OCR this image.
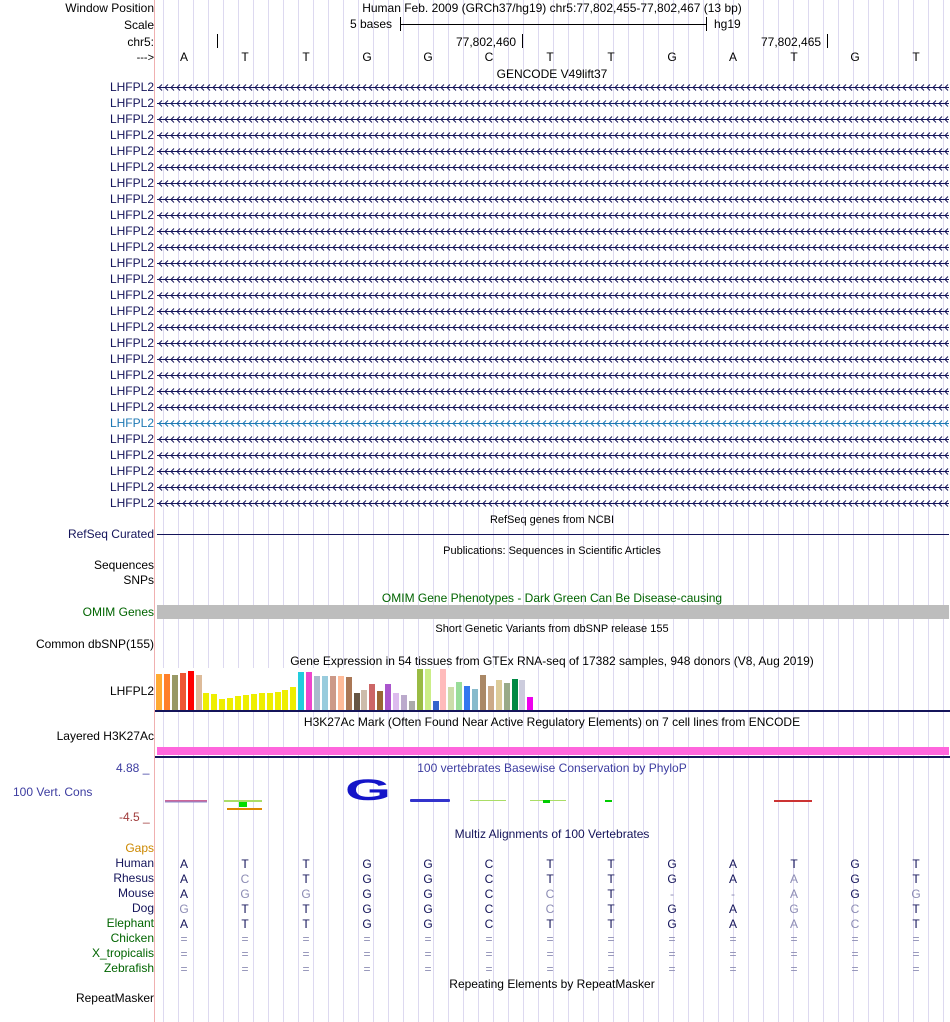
Window Position
Scale
chr5:
--->
Human Feb. 2009 (GRCh37/hg19) chr5:77,802,455-77,802,467 (13 bp)
5 bases	hg19
77,802,460	77,802,465
A	T	T	G	G	C	T	T	G	A	T	G	T
GENCODE V49lift37
LHFPL2
LHFPL2
LHFPL2
LHFPL2
LHFPL2
LHFPL2
LHFPL2
LHFPL2
LHFPL2
LHFPL2
LHFPL2
LHFPL2
LHFPL2
LHFPL2
LHFPL2
LHFPL2
LHFPL2
LHFPL2
LHFPL2
LHFPL2
LHFPL2
LHFPL2
LHFPL2
LHFPL2
LHFPL2
LHFPL2
LHFPL2
RefSeq genes from NCBI
RefSeq Curated
Publications: Sequences in Scientific Articles
Sequences
SNPs
OMIM Gene Phenotypes - Dark Green Can Be Disease-causing
OMIM Genes
Short Genetic Variants from dbSNP release 155
Common dbSNP(155)
Gene Expression in 54 tissues from GTEx RNA-seq of 17382 samples, 948 donors (V8, Aug 2019)
LHFPL2
H3K27Ac Mark (Often Found Near Active Regulatory Elements) on 7 cell lines from ENCODE
Layered H3K27Ac
100 vertebrates Basewise Conservation by PhyloP
4.88 _
100 Vert. Cons
-4.5 _
G
Multiz Alignments of 100 Vertebrates
Gaps
Human A	T	T	G	G	C	T	T	G	A	T	G	T
Rhesus A	C	T	G	G	C	T	T	G	A	A	G	T
Mouse A	G	G	G	G	C	C	T	-	-	A	G	G
Dog G	T	T	G	G	C	C	T	G	A	G	C	T
Elephant A	T	T	G	G	C	T	T	G	A	A	C	T
Chicken =	=	=	=	=	=	=	=	=	=	=	=	=
X_tropicalis =	=	=	=	=	=	=	=	=	=	=	=	=
Zebrafish =	=	=	=	=	=	=	=	=	=	=	=	=
Repeating Elements by RepeatMasker
RepeatMasker
